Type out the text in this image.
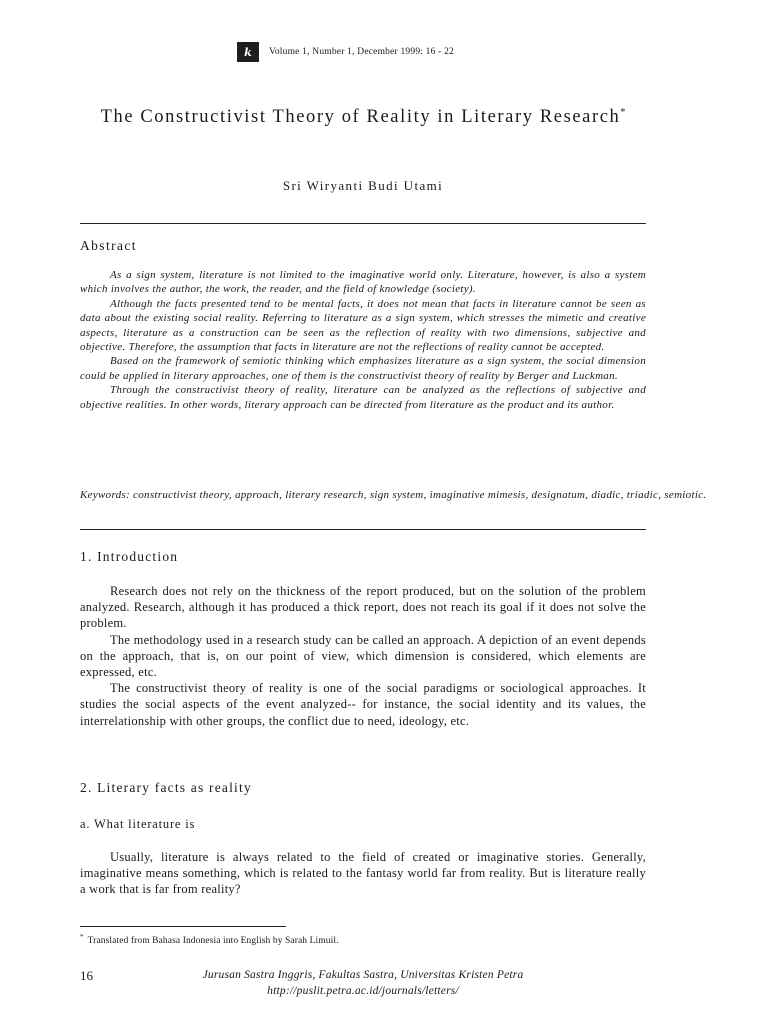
k	Volume 1, Number 1, December 1999: 16 - 22
The Constructivist Theory of Reality in Literary Research*
Sri Wiryanti Budi Utami
Abstract

As a sign system, literature is not limited to the imaginative world only. Literature, however, is also a system which involves the author, the work, the reader, and the field of knowledge (society).

Although the facts presented tend to be mental facts, it does not mean that facts in literature cannot be seen as data about the existing social reality. Referring to literature as a sign system, which stresses the mimetic and creative aspects, literature as a construction can be seen as the reflection of reality with two dimensions, subjective and objective. Therefore, the assumption that facts in literature are not the reflections of reality cannot be accepted.

Based on the framework of semiotic thinking which emphasizes literature as a sign system, the social dimension could be applied in literary approaches, one of them is the constructivist theory of reality by Berger and Luckman.

Through the constructivist theory of reality, literature can be analyzed as the reflections of subjective and objective realities. In other words, literary approach can be directed from literature as the product and its author.

Keywords: constructivist theory, approach, literary research, sign system, imaginative mimesis, designatum, diadic, triadic, semiotic.
1. Introduction

Research does not rely on the thickness of the report produced, but on the solution of the problem analyzed. Research, although it has produced a thick report, does not reach its goal if it does not solve the problem.

The methodology used in a research study can be called an approach. A depiction of an event depends on the approach, that is, on our point of view, which dimension is considered, which elements are expressed, etc.

The constructivist theory of reality is one of the social paradigms or sociological approaches. It studies the social aspects of the event analyzed-- for instance, the social identity and its values, the interrelationship with other groups, the conflict due to need, ideology, etc.

2. Literary facts as reality
a. What literature is

Usually, literature is always related to the field of created or imaginative stories. Generally, imaginative means something, which is related to the fantasy world far from reality. But is literature really a work that is far from reality?

* Translated from Bahasa Indonesia into English by Sarah Limuil.
16	Jurusan Sastra Inggris, Fakultas Sastra, Universitas Kristen Petra
http://puslit.petra.ac.id/journals/letters/
